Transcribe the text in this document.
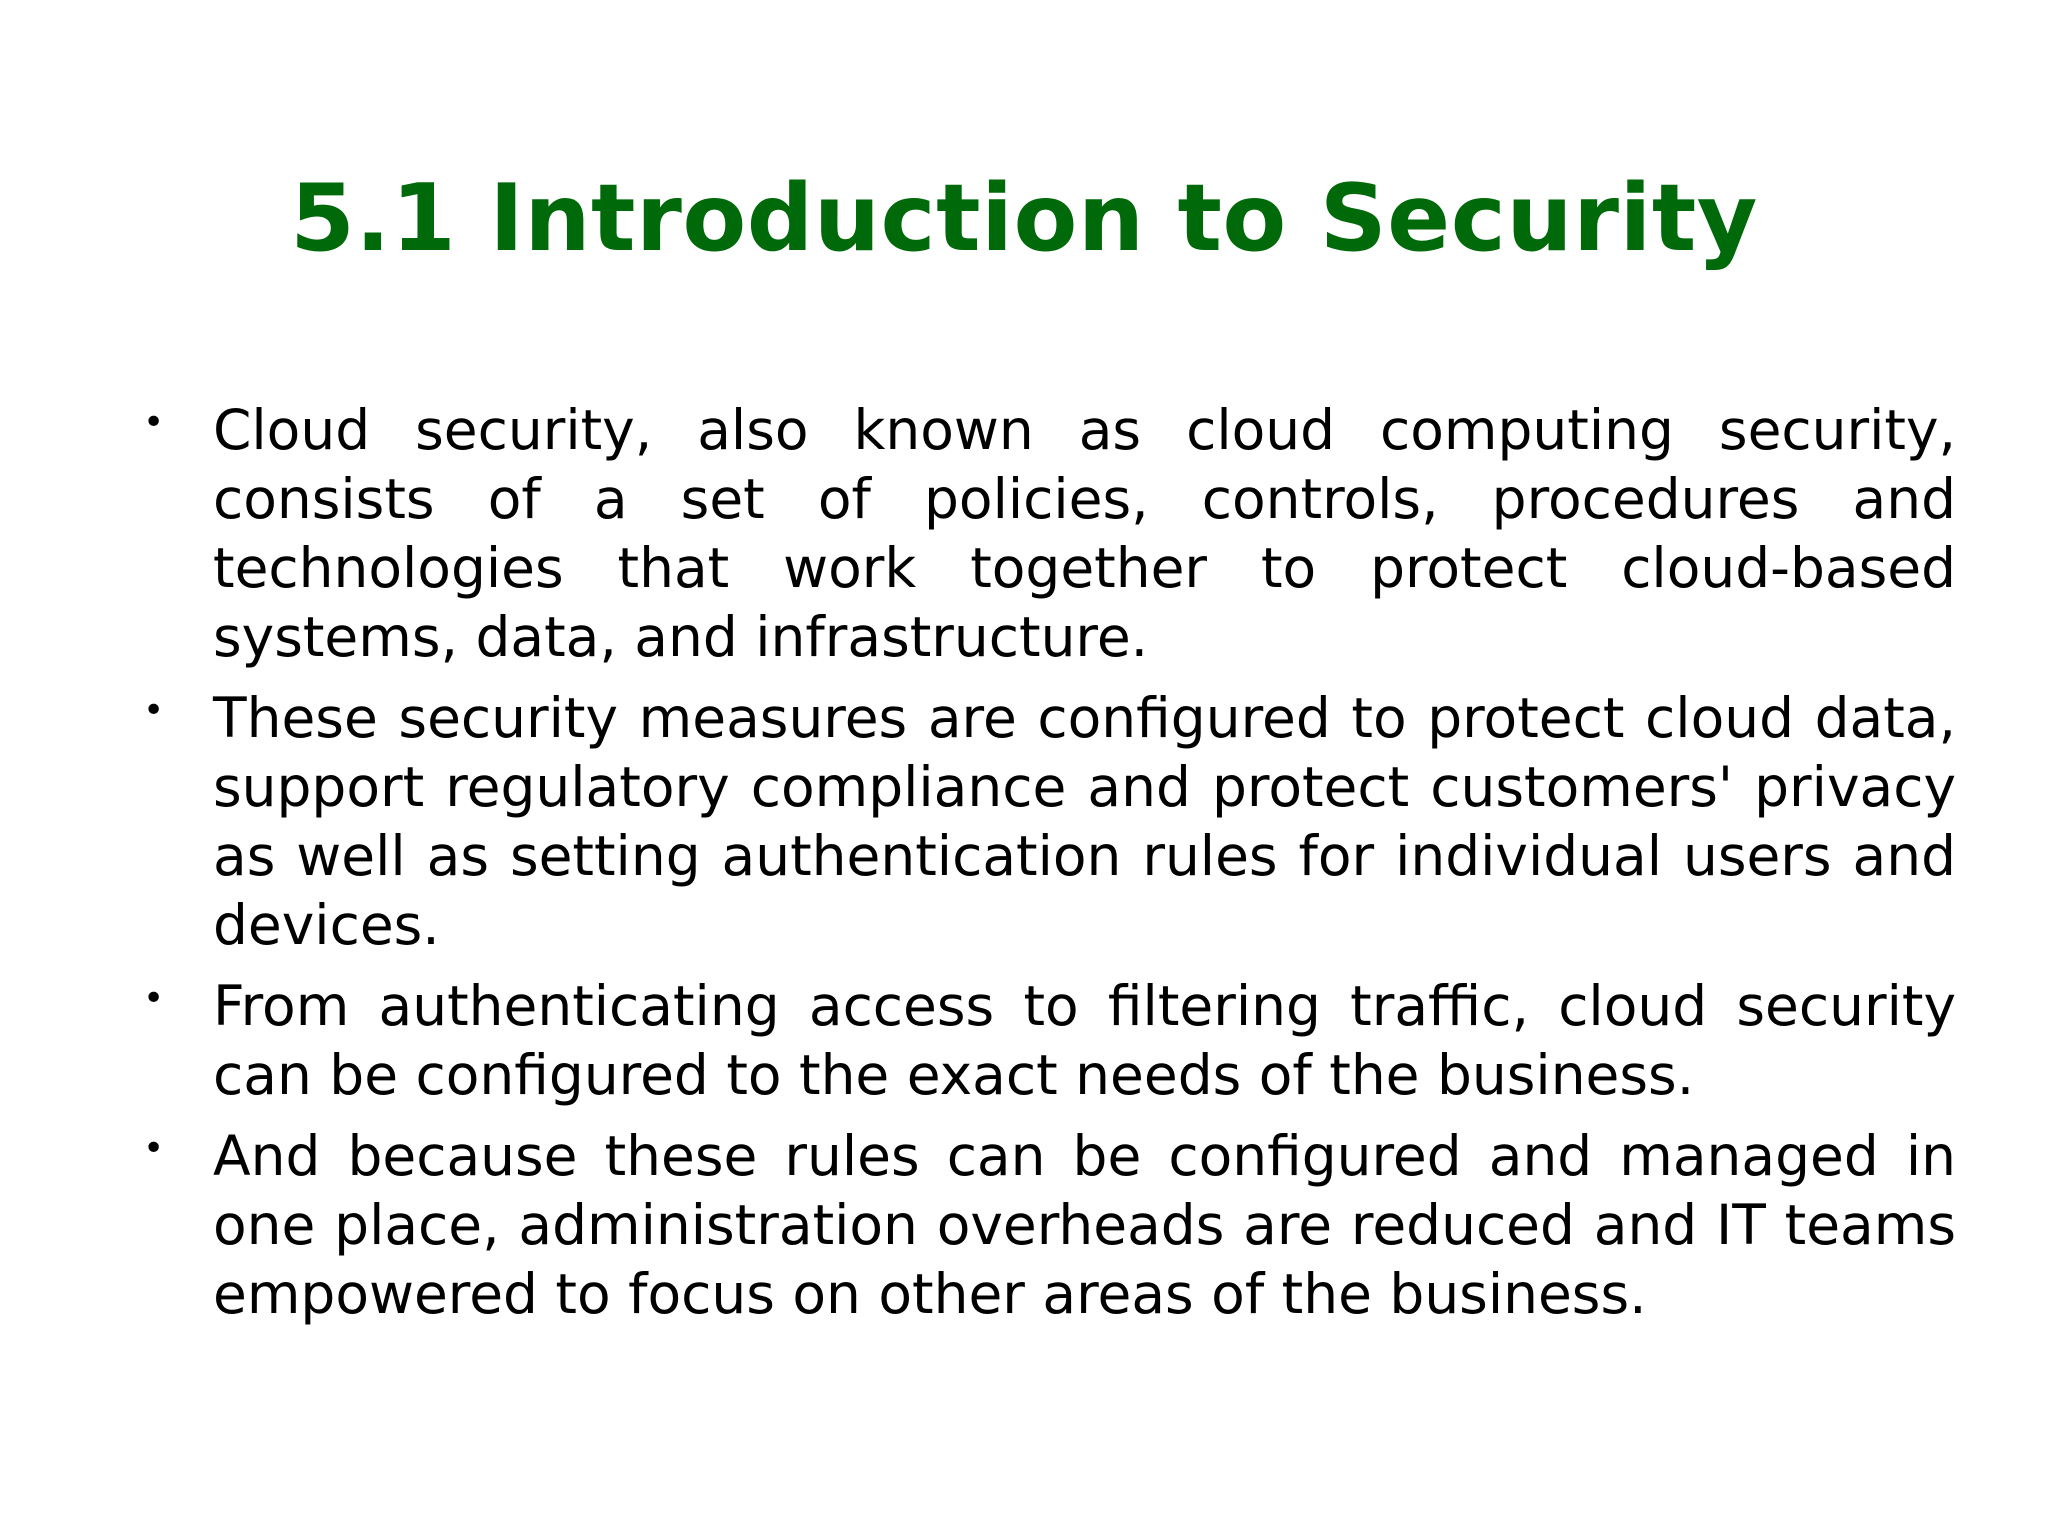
5.1 Introduction to Security
• Cloud security, also known as cloud computing security, consists of a set of policies, controls, procedures and technologies that work together to protect cloud-based systems, data, and infrastructure.
• These security measures are configured to protect cloud data, support regulatory compliance and protect customers' privacy as well as setting authentication rules for individual users and devices.
• From authenticating access to filtering traffic, cloud security can be configured to the exact needs of the business.
• And because these rules can be configured and managed in one place, administration overheads are reduced and IT teams empowered to focus on other areas of the business.
